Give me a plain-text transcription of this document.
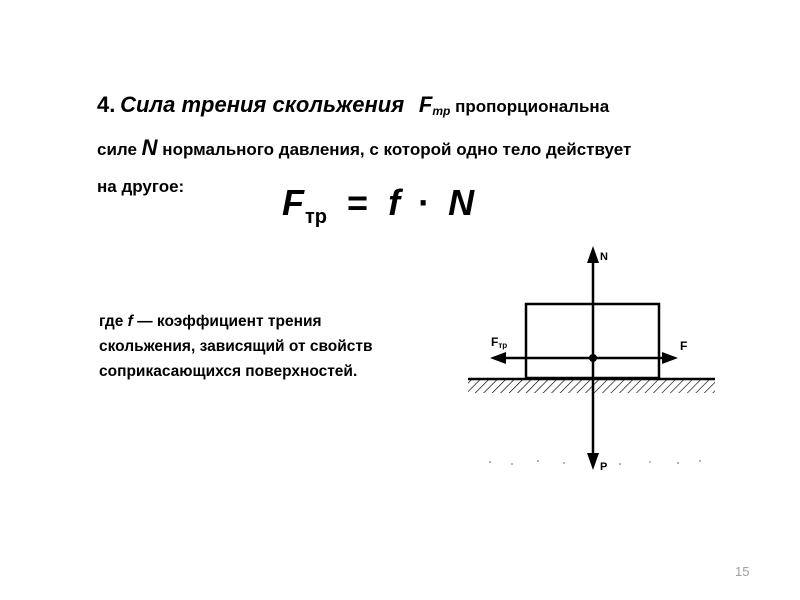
4. Сила трения скольжения $F_{тр}$ пропорциональна
силе N нормального давления, с которой одно тело действует
на другое:	$F_{тр} = f \cdot N$
где f — коэффициент трения скольжения, зависящий от свойств соприкасающихся поверхностей.
N
P
F
Fтр
15
